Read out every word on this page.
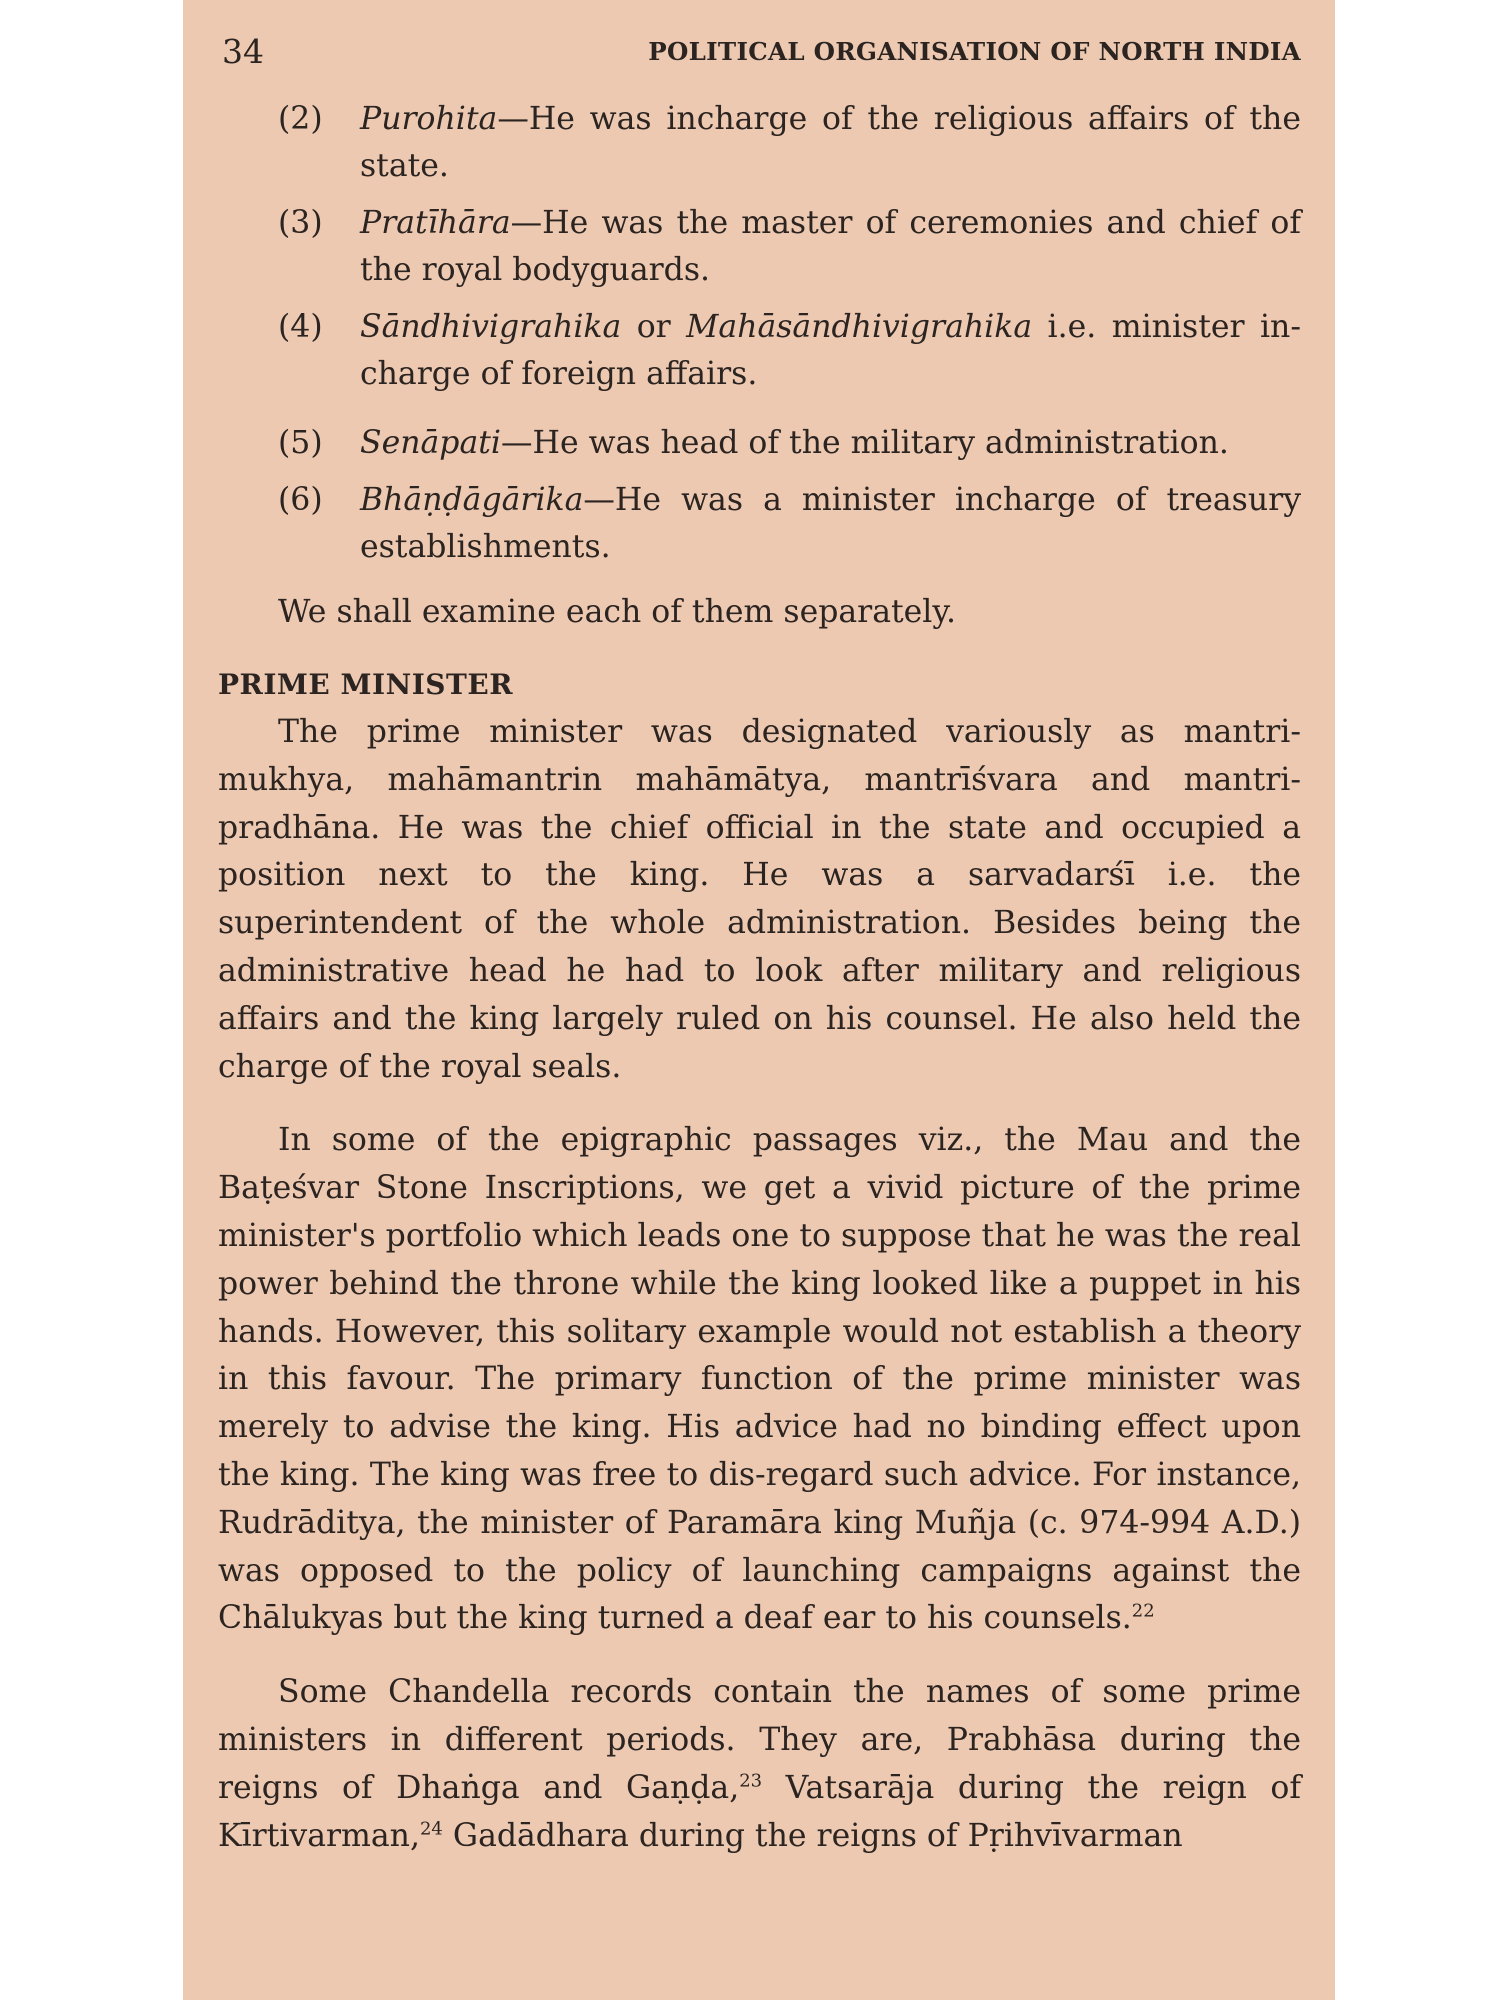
34	POLITICAL ORGANISATION OF NORTH INDIA
(2) Purohita—He was incharge of the religious affairs of the state.
(3) Pratīhāra—He was the master of ceremonies and chief of the royal bodyguards.
(4) Sāndhivigrahika or Mahāsāndhivigrahika i.e. minister in-charge of foreign affairs.
(5) Senāpati—He was head of the military administration.
(6) Bhāṇḍāgārika—He was a minister incharge of treasury establishments.

We shall examine each of them separately.

PRIME MINISTER

The prime minister was designated variously as mantri-mukhya, mahāmantrin mahāmātya, mantrīśvara and mantri-pradhāna. He was the chief official in the state and occupied a position next to the king. He was a sarvadarśī i.e. the superintendent of the whole administration. Besides being the administrative head he had to look after military and religious affairs and the king largely ruled on his counsel. He also held the charge of the royal seals.

In some of the epigraphic passages viz., the Mau and the Baṭeśvar Stone Inscriptions, we get a vivid picture of the prime minister's portfolio which leads one to suppose that he was the real power behind the throne while the king looked like a puppet in his hands. However, this solitary example would not establish a theory in this favour. The primary function of the prime minister was merely to advise the king. His advice had no binding effect upon the king. The king was free to dis-regard such advice. For instance, Rudrāditya, the minister of Paramāra king Muñja (c. 974-994 A.D.) was opposed to the policy of launching campaigns against the Chālukyas but the king turned a deaf ear to his counsels.$^{22}$

Some Chandella records contain the names of some prime ministers in different periods. They are, Prabhāsa during the reigns of Dhaṅga and Gaṇḍa,$^{23}$ Vatsarāja during the reign of Kīrtivarman,$^{24}$ Gadādhara during the reigns of Pṛihvīvarman
